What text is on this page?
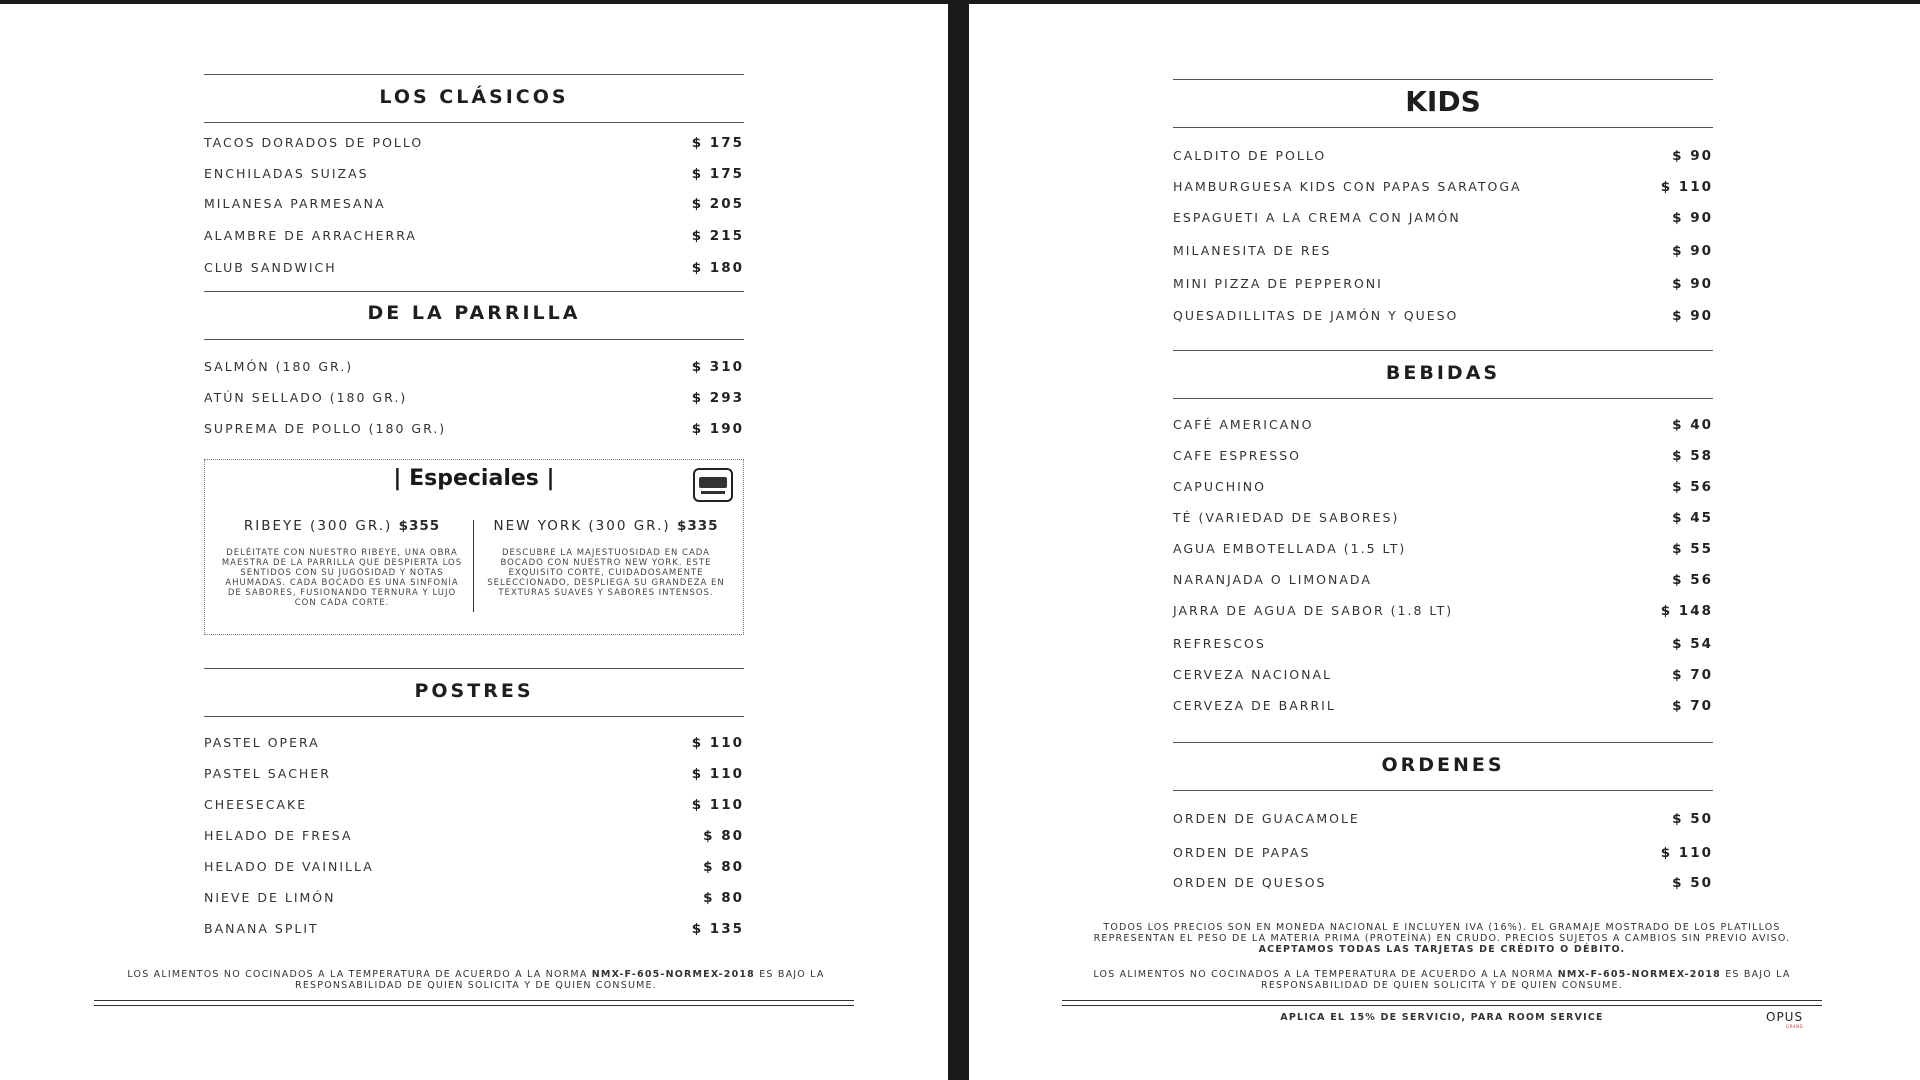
LOS CLÁSICOS
TACOS DORADOS DE POLLO	$ 175
ENCHILADAS SUIZAS	$ 175
MILANESA PARMESANA	$ 205
ALAMBRE DE ARRACHERRA	$ 215
CLUB SANDWICH	$ 180
DE LA PARRILLA
SALMÓN (180 GR.)	$ 310
ATÚN SELLADO (180 GR.)	$ 293
SUPREMA DE POLLO (180 GR.)	$ 190
| Especiales |
RIBEYE (300 GR.) $355
DELÉITATE CON NUESTRO RIBEYE, UNA OBRA MAESTRA DE LA PARRILLA QUE DESPIERTA LOS SENTIDOS CON SU JUGOSIDAD Y NOTAS AHUMADAS. CADA BOCADO ES UNA SINFONÍA DE SABORES, FUSIONANDO TERNURA Y LUJO CON CADA CORTE.
NEW YORK (300 GR.) $335
DESCUBRE LA MAJESTUOSIDAD EN CADA BOCADO CON NUESTRO NEW YORK. ESTE EXQUISITO CORTE, CUIDADOSAMENTE SELECCIONADO, DESPLIEGA SU GRANDEZA EN TEXTURAS SUAVES Y SABORES INTENSOS.
POSTRES
PASTEL OPERA	$ 110
PASTEL SACHER	$ 110
CHEESECAKE	$ 110
HELADO DE FRESA	$ 80
HELADO DE VAINILLA	$ 80
NIEVE DE LIMÓN	$ 80
BANANA SPLIT	$ 135
LOS ALIMENTOS NO COCINADOS A LA TEMPERATURA DE ACUERDO A LA NORMA NMX-F-605-NORMEX-2018 ES BAJO LA RESPONSABILIDAD DE QUIEN SOLICITA Y DE QUIEN CONSUME.
KIDS
CALDITO DE POLLO	$ 90
HAMBURGUESA KIDS CON PAPAS SARATOGA	$ 110
ESPAGUETI A LA CREMA CON JAMÓN	$ 90
MILANESITA DE RES	$ 90
MINI PIZZA DE PEPPERONI	$ 90
QUESADILLITAS DE JAMÓN Y QUESO	$ 90
BEBIDAS
CAFÉ AMERICANO	$ 40
CAFE ESPRESSO	$ 58
CAPUCHINO	$ 56
TÉ (VARIEDAD DE SABORES)	$ 45
AGUA EMBOTELLADA (1.5 LT)	$ 55
NARANJADA O LIMONADA	$ 56
JARRA DE AGUA DE SABOR (1.8 LT)	$ 148
REFRESCOS	$ 54
CERVEZA NACIONAL	$ 70
CERVEZA DE BARRIL	$ 70
ORDENES
ORDEN DE GUACAMOLE	$ 50
ORDEN DE PAPAS	$ 110
ORDEN DE QUESOS	$ 50
TODOS LOS PRECIOS SON EN MONEDA NACIONAL E INCLUYEN IVA (16%). EL GRAMAJE MOSTRADO DE LOS PLATILLOS REPRESENTAN EL PESO DE LA MATERIA PRIMA (PROTEÍNA) EN CRUDO. PRECIOS SUJETOS A CAMBIOS SIN PREVIO AVISO.
ACEPTAMOS TODAS LAS TARJETAS DE CRÉDITO O DÉBITO.
LOS ALIMENTOS NO COCINADOS A LA TEMPERATURA DE ACUERDO A LA NORMA NMX-F-605-NORMEX-2018 ES BAJO LA RESPONSABILIDAD DE QUIEN SOLICITA Y DE QUIEN CONSUME.
APLICA EL 15% DE SERVICIO, PARA ROOM SERVICE	OPUS
GRAND
